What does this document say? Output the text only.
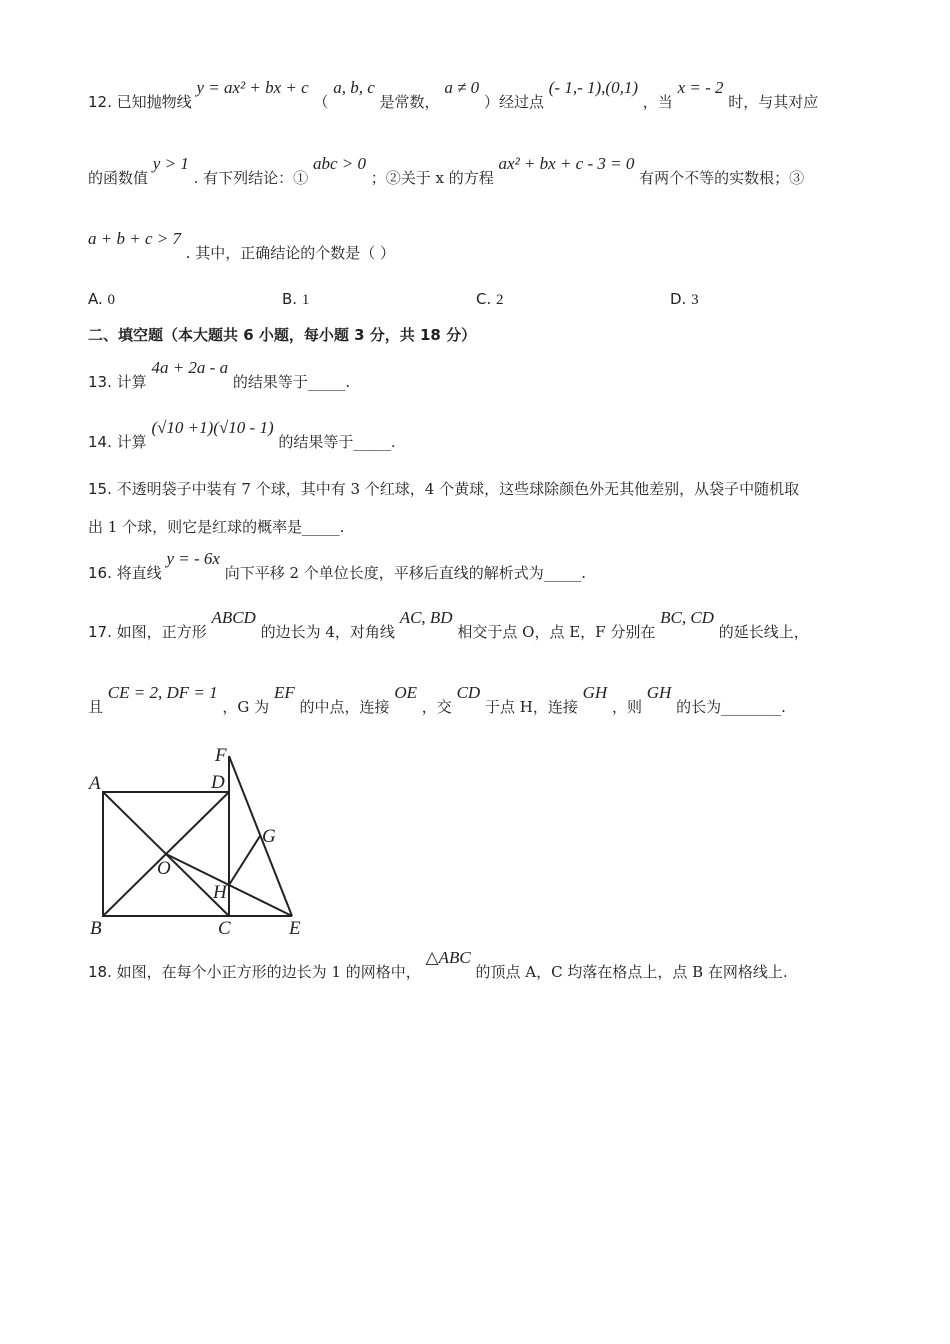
12. 已知抛物线 y = ax² + bx + c （ a, b, c 是常数， a ≠ 0 ）经过点 (- 1,- 1),(0,1) ，当 x = - 2 时，与其对应
的函数值 y > 1 . 有下列结论：① abc > 0 ；②关于 x 的方程 ax² + bx + c - 3 = 0 有两个不等的实数根；③
a + b + c > 7 . 其中，正确结论的个数是（ ）
A. 0	B. 1	C. 2	D. 3
二、填空题（本大题共 6 小题，每小题 3 分，共 18 分）
13. 计算 4a + 2a - a 的结果等于_____.
14. 计算 (√10 +1)(√10 - 1) 的结果等于_____.
15. 不透明袋子中装有 7 个球，其中有 3 个红球，4 个黄球，这些球除颜色外无其他差别，从袋子中随机取
出 1 个球，则它是红球的概率是_____.
16. 将直线 y = - 6x 向下平移 2 个单位长度，平移后直线的解析式为_____.
17. 如图，正方形 ABCD 的边长为 4，对角线 AC, BD 相交于点 O，点 E，F 分别在 BC, CD 的延长线上，
且 CE = 2, DF = 1 ，G 为 EF 的中点，连接 OE ，交 CD 于点 H，连接 GH ，则 GH 的长为________.
A	D
F
G
O
H
B	C	E
18. 如图，在每个小正方形的边长为 1 的网格中， △ABC 的顶点 A，C 均落在格点上，点 B 在网格线上.
